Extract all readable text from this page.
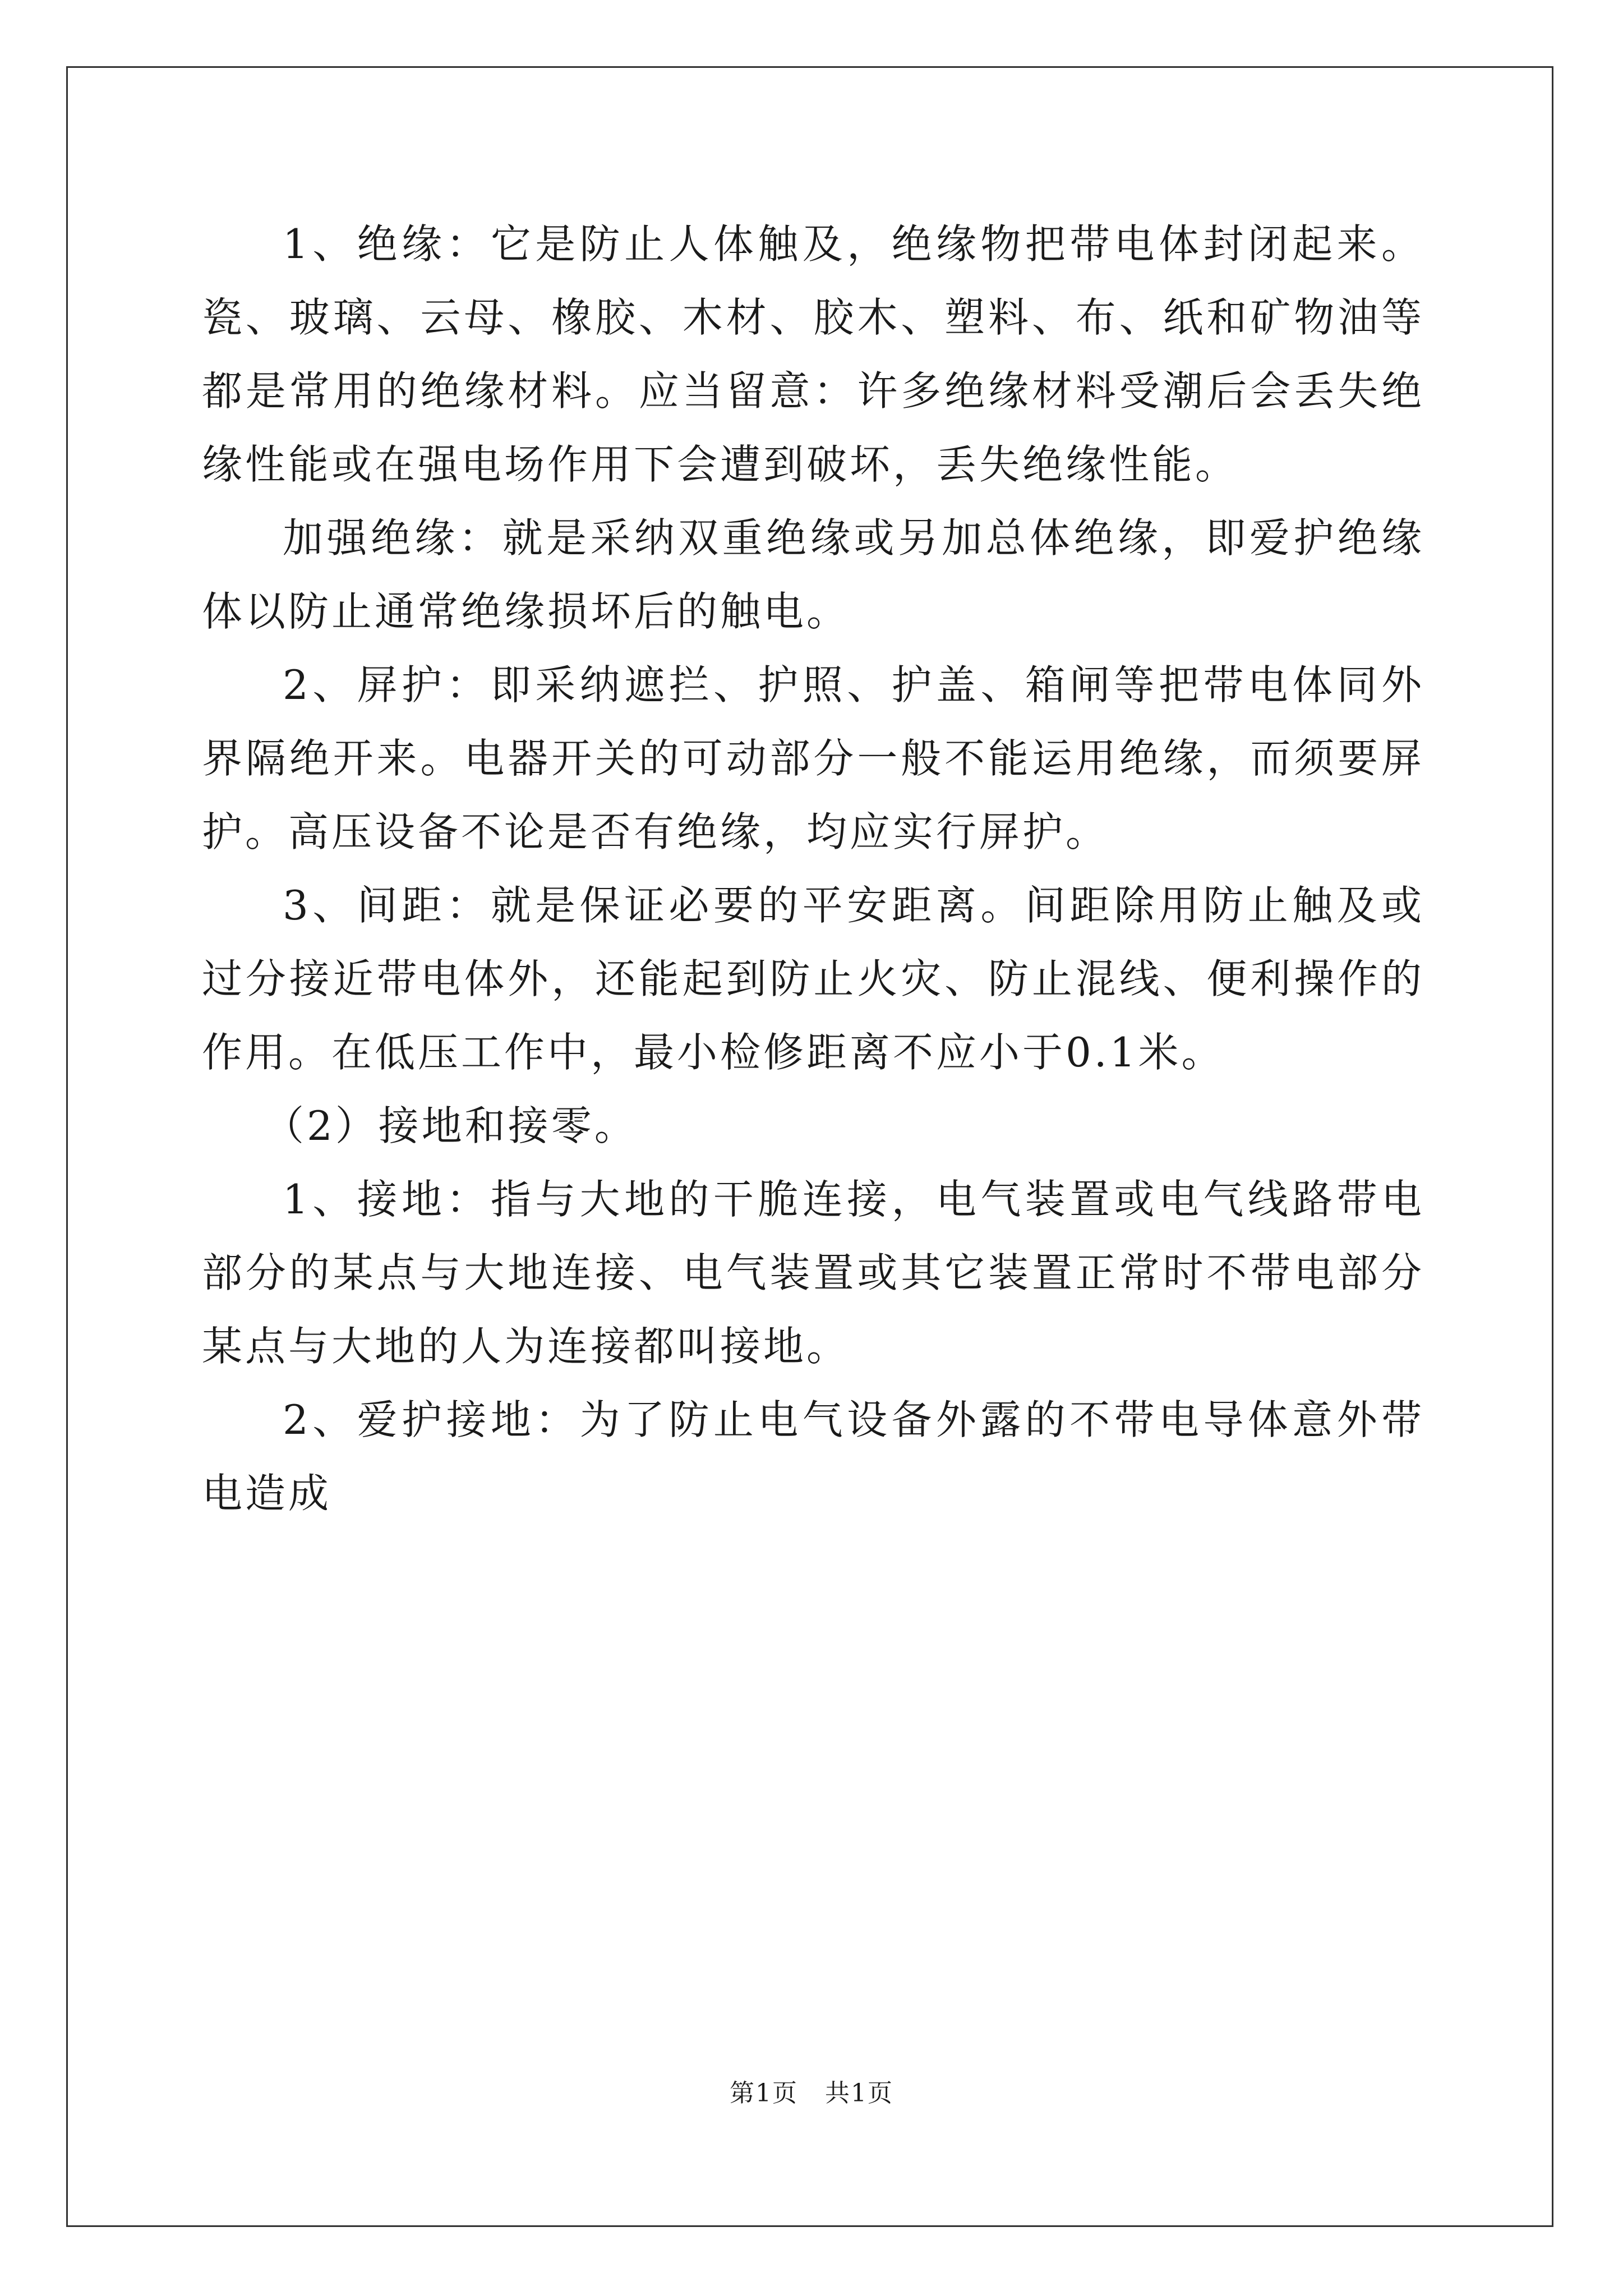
1、绝缘：它是防止人体触及，绝缘物把带电体封闭起来。瓷、玻璃、云母、橡胶、木材、胶木、塑料、布、纸和矿物油等都是常用的绝缘材料。应当留意：许多绝缘材料受潮后会丢失绝缘性能或在强电场作用下会遭到破坏，丢失绝缘性能。

加强绝缘：就是采纳双重绝缘或另加总体绝缘，即爱护绝缘体以防止通常绝缘损坏后的触电。

2、屏护：即采纳遮拦、护照、护盖、箱闸等把带电体同外界隔绝开来。电器开关的可动部分一般不能运用绝缘，而须要屏护。高压设备不论是否有绝缘，均应实行屏护。

3、间距：就是保证必要的平安距离。间距除用防止触及或过分接近带电体外，还能起到防止火灾、防止混线、便利操作的作用。在低压工作中，最小检修距离不应小于0.1米。

（2）接地和接零。

1、接地：指与大地的干脆连接，电气装置或电气线路带电部分的某点与大地连接、电气装置或其它装置正常时不带电部分某点与大地的人为连接都叫接地。

2、爱护接地：为了防止电气设备外露的不带电导体意外带电造成

第1页 共1页
